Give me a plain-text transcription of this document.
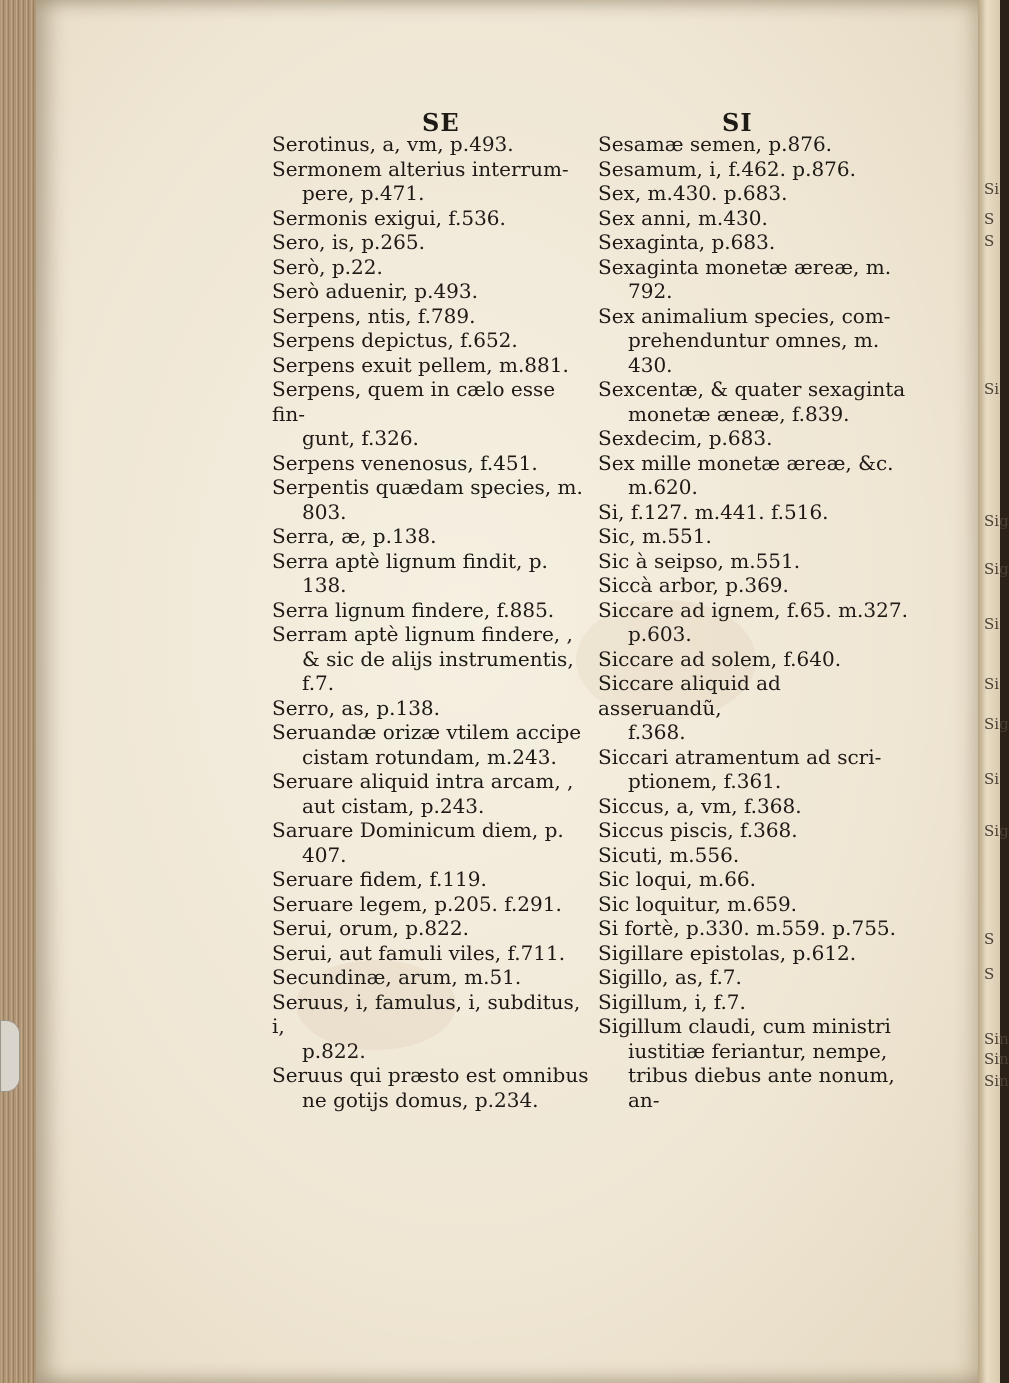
Si
S
S
Si
Sig
Sig
Si
Si
Sig
Si
Sig
S
S
Sin
Sin
Sin
SE	SI
Serotinus, a, vm, p.493.
Sermonem alterius interrum-
pere, p.471.
Sermonis exigui, f.536.
Sero, is, p.265.
Serò, p.22.
Serò aduenir, p.493.
Serpens, ntis, f.789.
Serpens depictus, f.652.
Serpens exuit pellem, m.881.
Serpens, quem in cælo esse fin-
gunt, f.326.
Serpens venenosus, f.451.
Serpentis quædam species, m.
803.
Serra, æ, p.138.
Serra aptè lignum findit, p.
138.
Serra lignum findere, f.885.
Serram aptè lignum findere, ,
& sic de alijs instrumentis,
f.7.
Serro, as, p.138.
Seruandæ orizæ vtilem accipe
cistam rotundam, m.243.
Seruare aliquid intra arcam, ,
aut cistam, p.243.
Saruare Dominicum diem, p.
407.
Seruare fidem, f.119.
Seruare legem, p.205. f.291.
Serui, orum, p.822.
Serui, aut famuli viles, f.711.
Secundinæ, arum, m.51.
Seruus, i, famulus, i, subditus, i,
p.822.
Seruus qui præsto est omnibus
ne gotijs domus, p.234.
Sesamæ semen, p.876.
Sesamum, i, f.462. p.876.
Sex, m.430. p.683.
Sex anni, m.430.
Sexaginta, p.683.
Sexaginta monetæ æreæ, m.
792.
Sex animalium species, com-
prehenduntur omnes, m.
430.
Sexcentæ, & quater sexaginta
monetæ æneæ, f.839.
Sexdecim, p.683.
Sex mille monetæ æreæ, &c.
m.620.
Si, f.127. m.441. f.516.
Sic, m.551.
Sic à seipso, m.551.
Siccà arbor, p.369.
Siccare ad ignem, f.65. m.327.
p.603.
Siccare ad solem, f.640.
Siccare aliquid ad asseruandũ,
f.368.
Siccari atramentum ad scri-
ptionem, f.361.
Siccus, a, vm, f.368.
Siccus piscis, f.368.
Sicuti, m.556.
Sic loqui, m.66.
Sic loquitur, m.659.
Si fortè, p.330. m.559. p.755.
Sigillare epistolas, p.612.
Sigillo, as, f.7.
Sigillum, i, f.7.
Sigillum claudi, cum ministri
iustitiæ feriantur, nempe,
tribus diebus ante nonum,
an-
